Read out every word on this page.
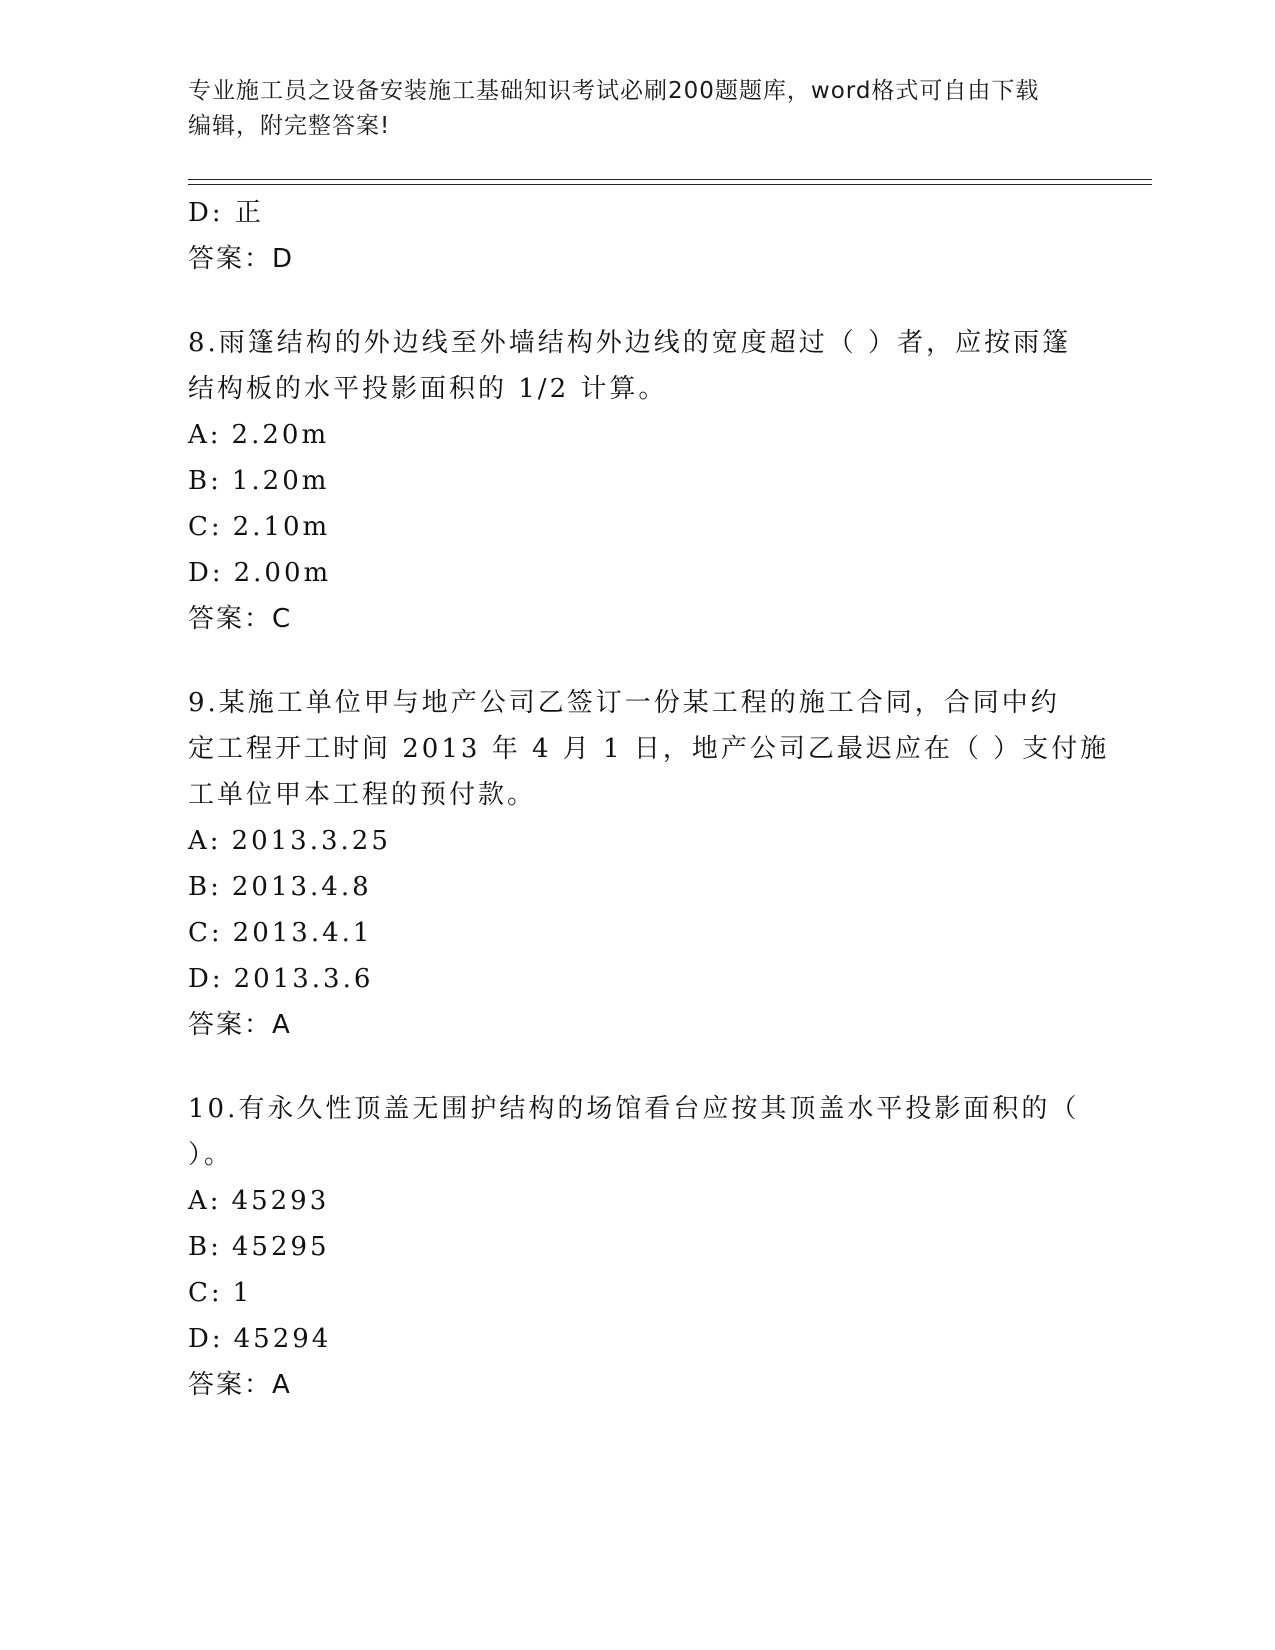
专业施工员之设备安装施工基础知识考试必刷200题题库，word格式可自由下载
编辑，附完整答案!
D: 正
答案：D
8.雨篷结构的外边线至外墙结构外边线的宽度超过（ ）者，应按雨篷
结构板的水平投影面积的 1/2 计算。
A: 2.20m
B: 1.20m
C: 2.10m
D: 2.00m
答案：C
9.某施工单位甲与地产公司乙签订一份某工程的施工合同，合同中约
定工程开工时间 2013 年 4 月 1 日，地产公司乙最迟应在（ ）支付施
工单位甲本工程的预付款。
A: 2013.3.25
B: 2013.4.8
C: 2013.4.1
D: 2013.3.6
答案：A
10.有永久性顶盖无围护结构的场馆看台应按其顶盖水平投影面积的（
）。
A: 45293
B: 45295
C: 1
D: 45294
答案：A
